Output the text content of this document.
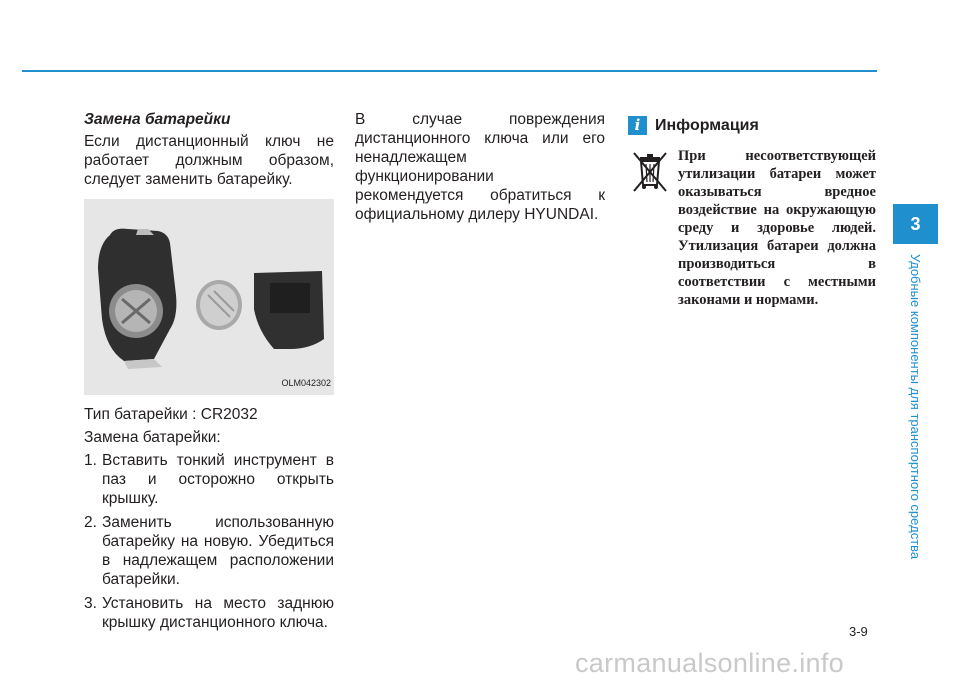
Замена батарейки

Если дистанционный ключ не работает должным образом, следует заменить батарейку.

OLM042302

Тип батарейки : CR2032

Замена батарейки:

1. Вставить тонкий инструмент в паз и осторожно открыть крышку.
2. Заменить использованную батарейку на новую. Убедиться в надлежащем расположении батарейки.
3. Установить на место заднюю крышку дистанционного ключа.

В случае повреждения дистанционного ключа или его ненадлежащем функционировании рекомендуется обратиться к официальному дилеру HYUNDAI.

i Информация
При несоответствующей утилизации батареи может оказываться вредное воздействие на окружающую среду и здоровье людей. Утилизация батареи должна производиться в соответствии с местными законами и нормами.
3
Удобные компоненты для транспортного средства
3-9
carmanualsonline.info
